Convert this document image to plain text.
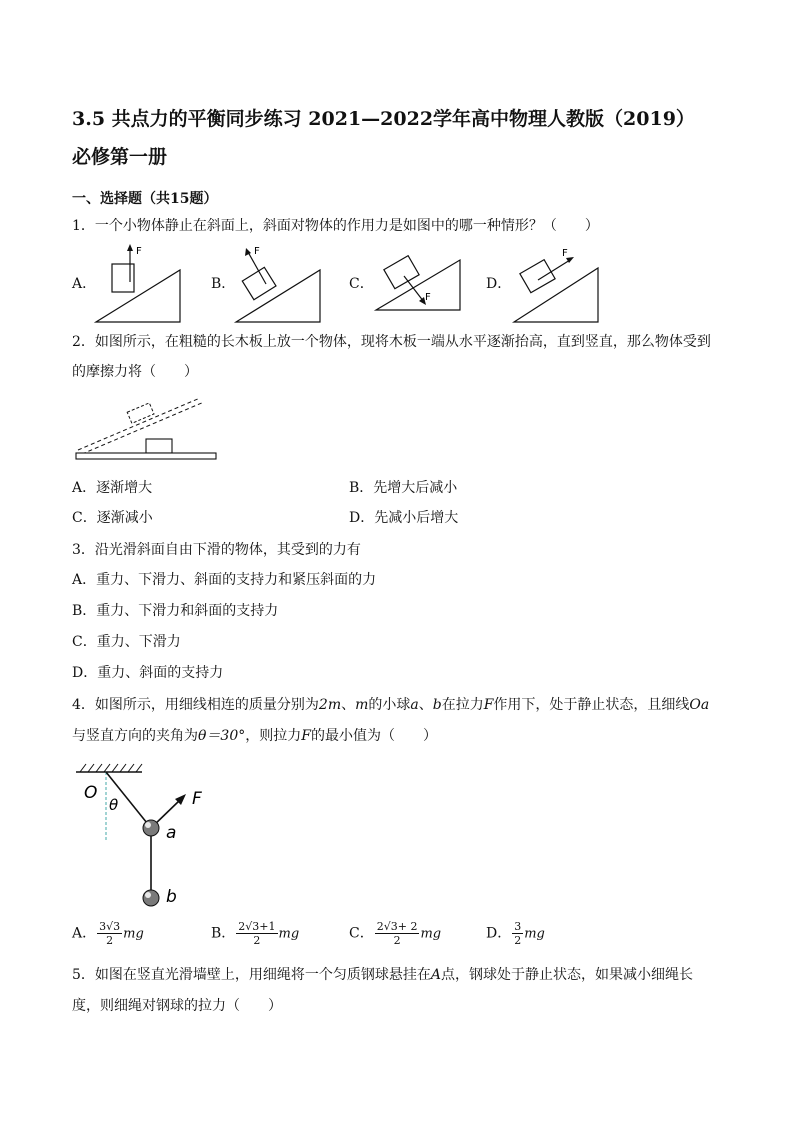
3.5 共点力的平衡同步练习 2021—2022学年高中物理人教版（2019）
必修第一册
一、选择题（共15题）
1．一个小物体静止在斜面上，斜面对物体的作用力是如图中的哪一种情形？（　　）
A．
F
B．
F
C．
F
D．
F
2．如图所示，在粗糙的长木板上放一个物体，现将木板一端从水平逐渐抬高，直到竖直，那么物体受到
的摩擦力将（　　）
A．逐渐增大	B．先增大后减小
C．逐渐减小	D．先减小后增大
3．沿光滑斜面自由下滑的物体，其受到的力有
A．重力、下滑力、斜面的支持力和紧压斜面的力
B．重力、下滑力和斜面的支持力
C．重力、下滑力
D．重力、斜面的支持力
4．如图所示，用细线相连的质量分别为2m、m的小球a、b在拉力F作用下，处于静止状态，且细线Oa
与竖直方向的夹角为θ＝30°，则拉力F的最小值为（　　）
O
θ	F
a
b
A． $\frac{3√3}{2}$ mg	B． $\frac{2√3+1}{2}$ mg	C． $\frac{2√3+ 2}{2}$ mg	D． $\frac{3}{2}$ mg
5．如图在竖直光滑墙壁上，用细绳将一个匀质钢球悬挂在A点，钢球处于静止状态，如果减小细绳长
度，则细绳对钢球的拉力（　　）
